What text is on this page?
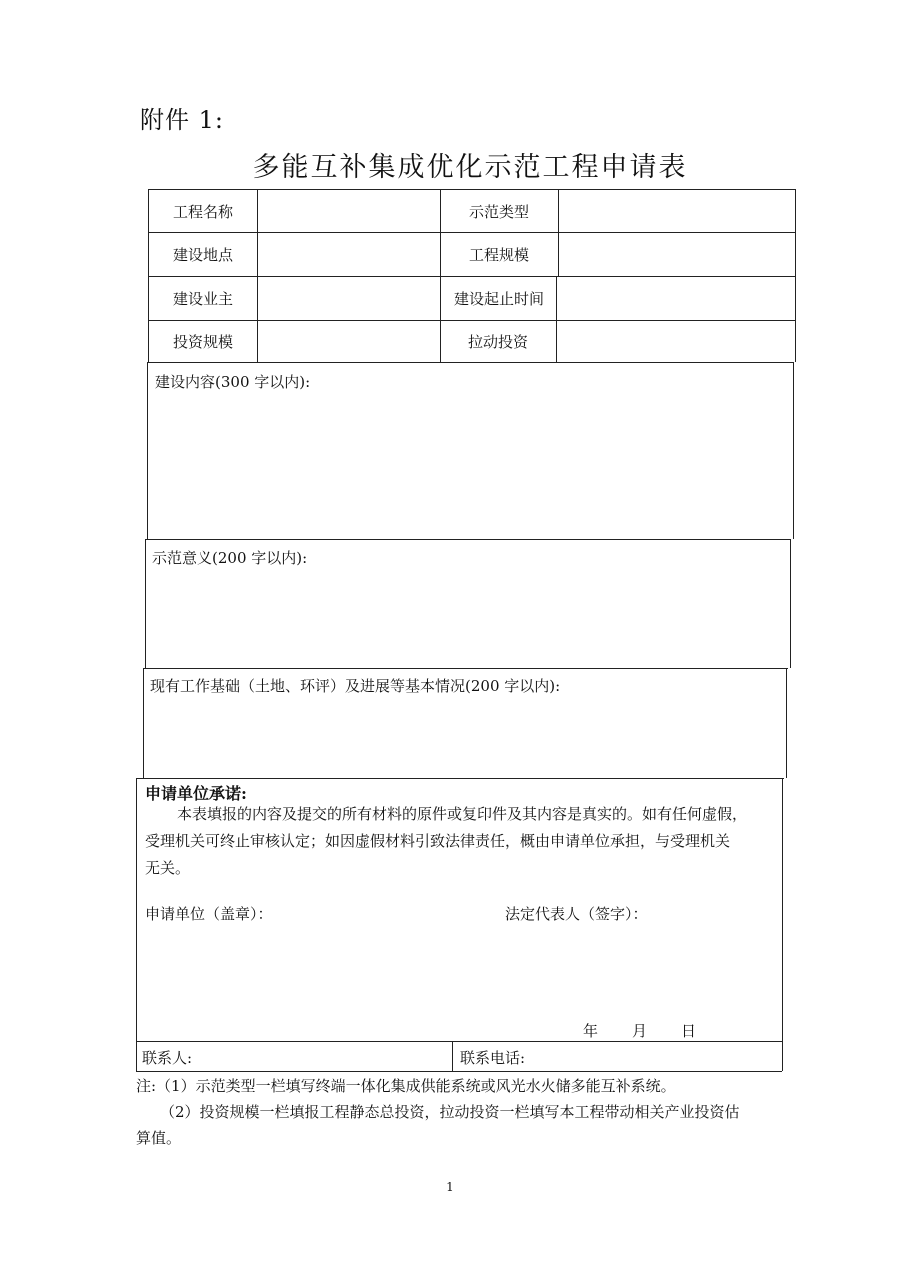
附件 1:
多能互补集成优化示范工程申请表
工程名称	示范类型
建设地点	工程规模
建设业主	建设起止时间
投资规模	拉动投资
建设内容(300 字以内):
示范意义(200 字以内):
现有工作基础（土地、环评）及进展等基本情况(200 字以内):
申请单位承诺:
本表填报的内容及提交的所有材料的原件或复印件及其内容是真实的。如有任何虚假，
受理机关可终止审核认定；如因虚假材料引致法律责任，概由申请单位承担，与受理机关
无关。
申请单位（盖章）：	法定代表人（签字）：
年 月 日
联系人:	联系电话:
注:（1）示范类型一栏填写终端一体化集成供能系统或风光水火储多能互补系统。
（2）投资规模一栏填报工程静态总投资，拉动投资一栏填写本工程带动相关产业投资估
算值。
1
